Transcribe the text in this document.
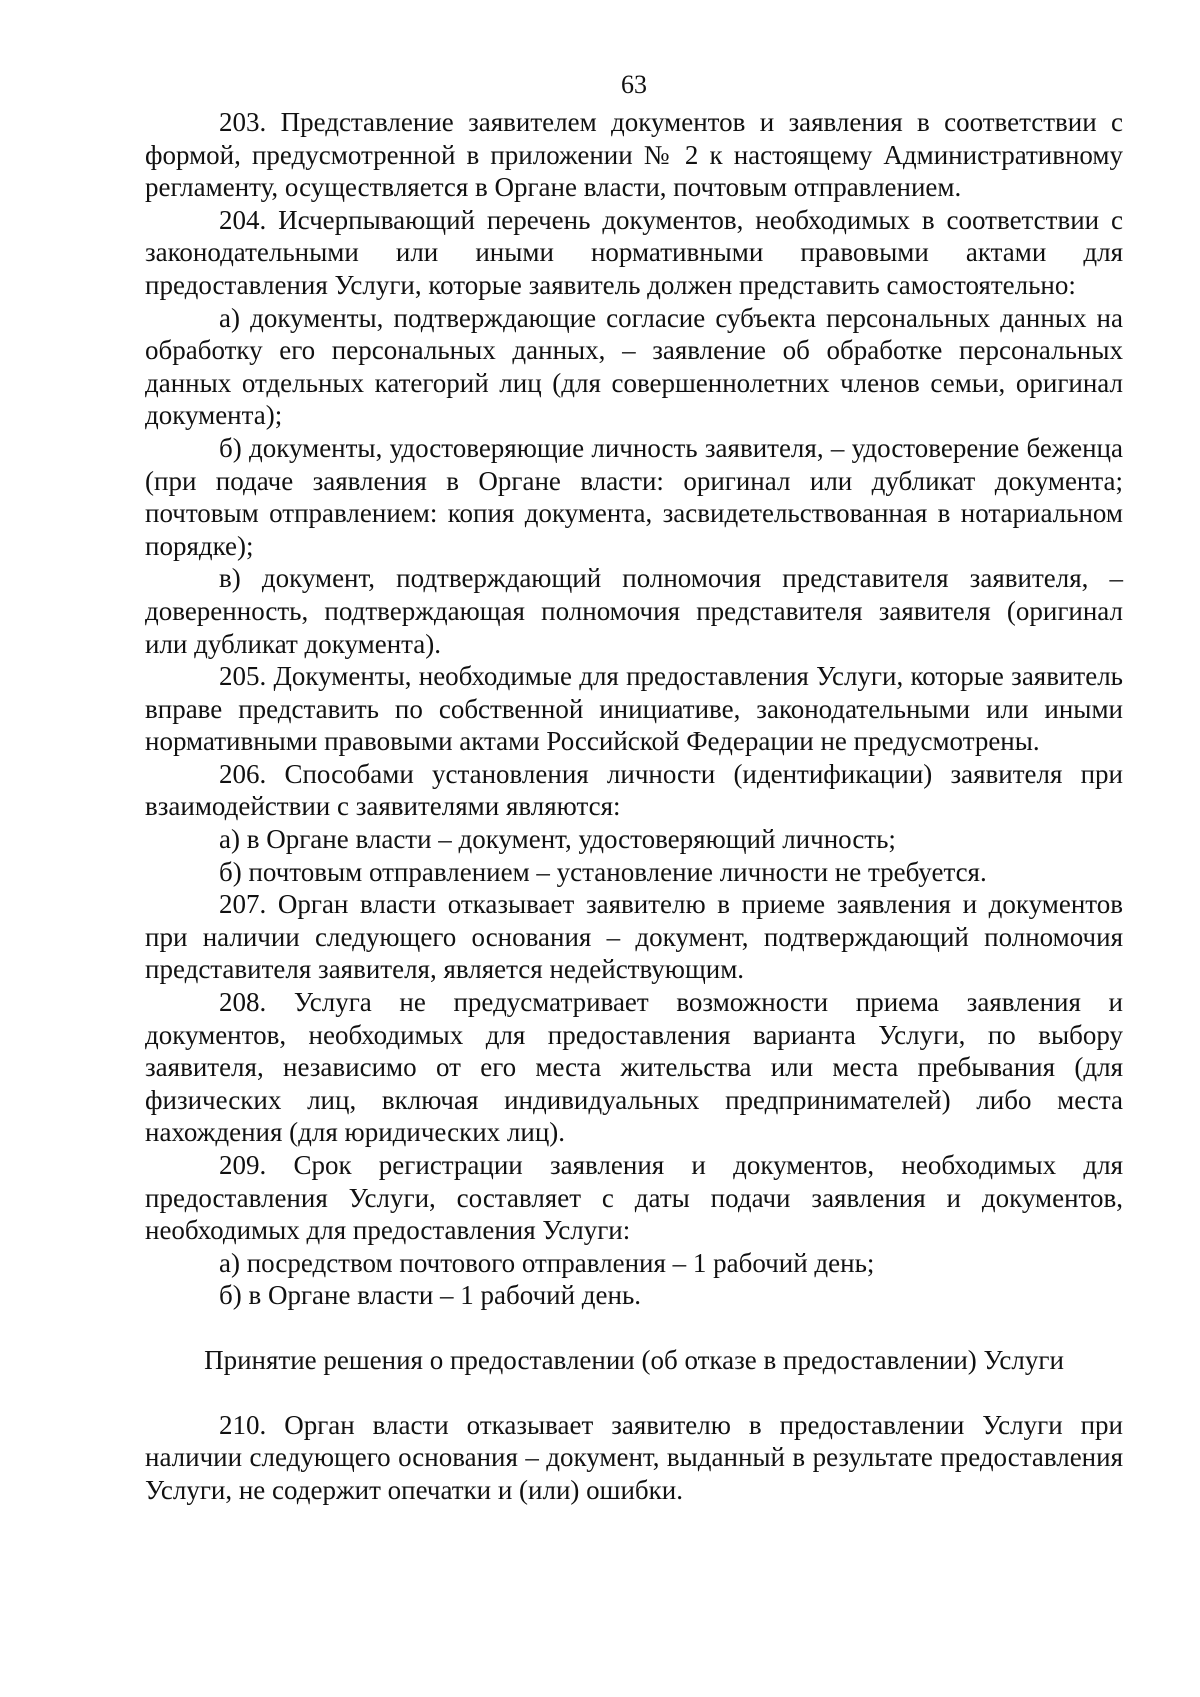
63

203. Представление заявителем документов и заявления в соответствии с формой, предусмотренной в приложении № 2 к настоящему Административному регламенту, осуществляется в Органе власти, почтовым отправлением.

204. Исчерпывающий перечень документов, необходимых в соответствии с законодательными или иными нормативными правовыми актами для предоставления Услуги, которые заявитель должен представить самостоятельно:

а) документы, подтверждающие согласие субъекта персональных данных на обработку его персональных данных, – заявление об обработке персональных данных отдельных категорий лиц (для совершеннолетних членов семьи, оригинал документа);

б) документы, удостоверяющие личность заявителя, – удостоверение беженца (при подаче заявления в Органе власти: оригинал или дубликат документа; почтовым отправлением: копия документа, засвидетельствованная в нотариальном порядке);

в) документ, подтверждающий полномочия представителя заявителя, – доверенность, подтверждающая полномочия представителя заявителя (оригинал или дубликат документа).

205. Документы, необходимые для предоставления Услуги, которые заявитель вправе представить по собственной инициативе, законодательными или иными нормативными правовыми актами Российской Федерации не предусмотрены.

206. Способами установления личности (идентификации) заявителя при взаимодействии с заявителями являются:

а) в Органе власти – документ, удостоверяющий личность;

б) почтовым отправлением – установление личности не требуется.

207. Орган власти отказывает заявителю в приеме заявления и документов при наличии следующего основания – документ, подтверждающий полномочия представителя заявителя, является недействующим.

208. Услуга не предусматривает возможности приема заявления и документов, необходимых для предоставления варианта Услуги, по выбору заявителя, независимо от его места жительства или места пребывания (для физических лиц, включая индивидуальных предпринимателей) либо места нахождения (для юридических лиц).

209. Срок регистрации заявления и документов, необходимых для предоставления Услуги, составляет с даты подачи заявления и документов, необходимых для предоставления Услуги:

а) посредством почтового отправления – 1 рабочий день;

б) в Органе власти – 1 рабочий день.

Принятие решения о предоставлении (об отказе в предоставлении) Услуги

210. Орган власти отказывает заявителю в предоставлении Услуги при наличии следующего основания – документ, выданный в результате предоставления Услуги, не содержит опечатки и (или) ошибки.
